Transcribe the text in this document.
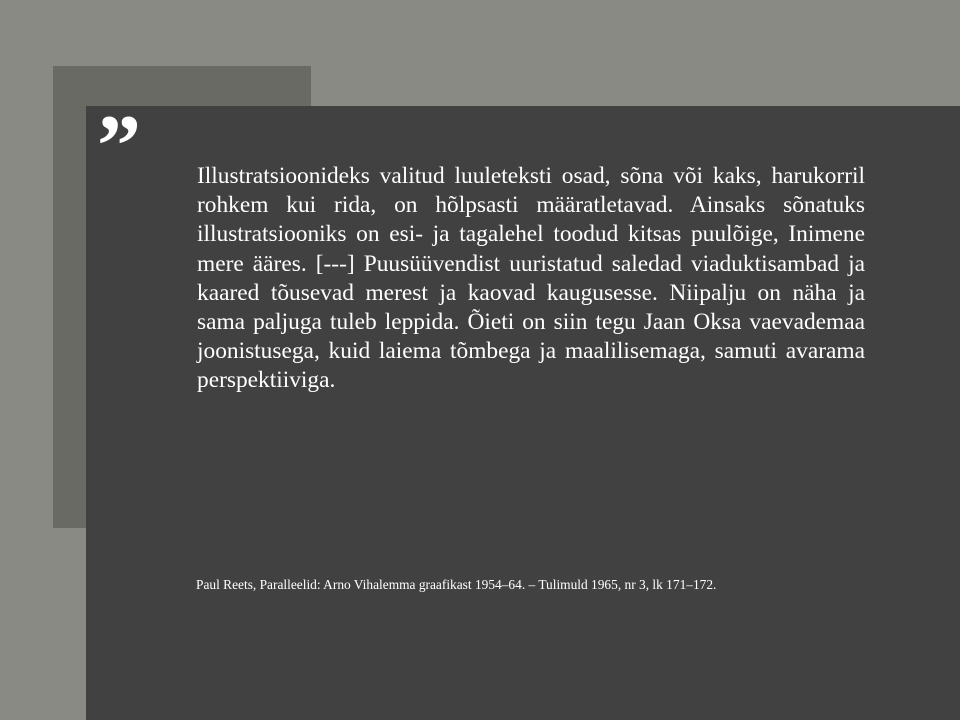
”	Illustratsioonideks valitud luuleteksti osad, sõna või kaks, harukorril rohkem kui rida, on hõlpsasti määratletavad. Ainsaks sõnatuks illustratsiooniks on esi- ja tagalehel toodud kitsas puulõige, Inimene mere ääres. [---] Puusüüvendist uuristatud saledad viaduktisambad ja kaared tõusevad merest ja kaovad kaugusesse. Niipalju on näha ja sama paljuga tuleb leppida. Õieti on siin tegu Jaan Oksa vaevademaa joonistusega, kuid laiema tõmbega ja maalilisemaga, samuti avarama perspektiiviga.

Paul Reets, Paralleelid: Arno Vihalemma graafikast 1954–64. – Tulimuld 1965, nr 3, lk 171–172.
